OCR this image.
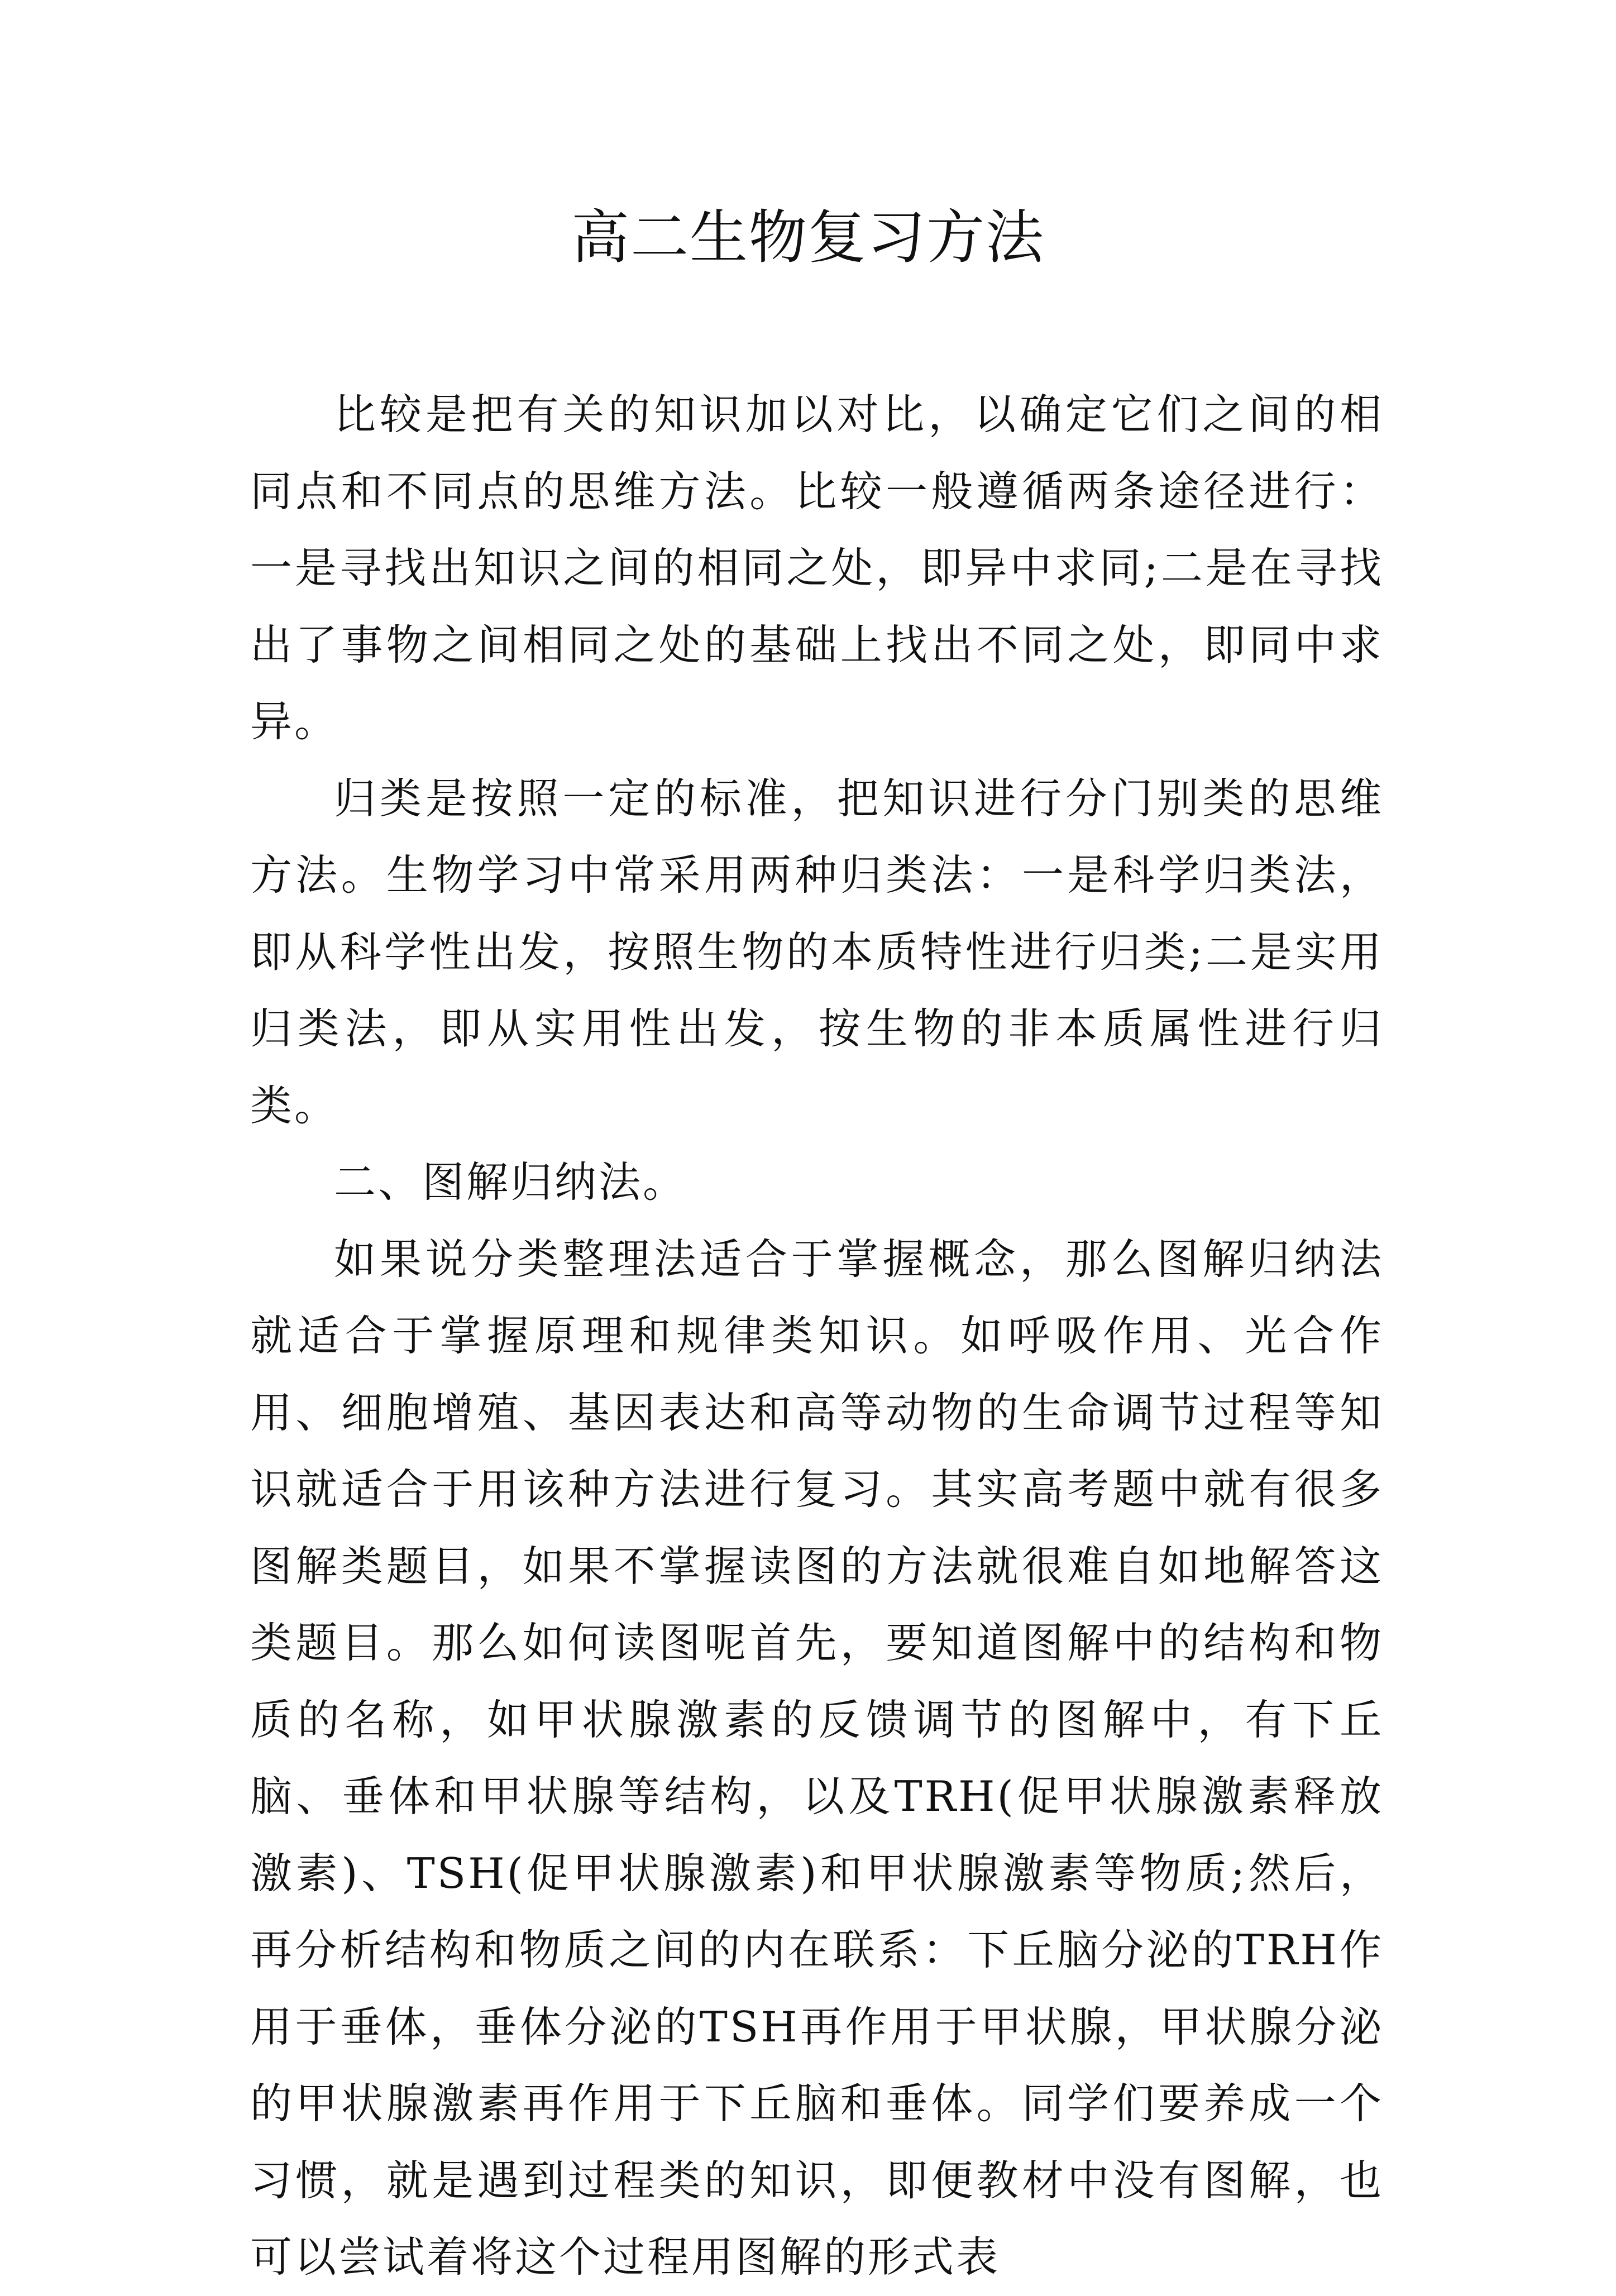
高二生物复习方法

比较是把有关的知识加以对比，以确定它们之间的相同点和不同点的思维方法。比较一般遵循两条途径进行：一是寻找出知识之间的相同之处，即异中求同;二是在寻找出了事物之间相同之处的基础上找出不同之处，即同中求异。

归类是按照一定的标准，把知识进行分门别类的思维方法。生物学习中常采用两种归类法：一是科学归类法，即从科学性出发，按照生物的本质特性进行归类;二是实用归类法，即从实用性出发，按生物的非本质属性进行归类。

二、图解归纳法。

如果说分类整理法适合于掌握概念，那么图解归纳法就适合于掌握原理和规律类知识。如呼吸作用、光合作用、细胞增殖、基因表达和高等动物的生命调节过程等知识就适合于用该种方法进行复习。其实高考题中就有很多图解类题目，如果不掌握读图的方法就很难自如地解答这类题目。那么如何读图呢首先，要知道图解中的结构和物质的名称，如甲状腺激素的反馈调节的图解中，有下丘脑、垂体和甲状腺等结构，以及TRH(促甲状腺激素释放激素)、TSH(促甲状腺激素)和甲状腺激素等物质;然后，再分析结构和物质之间的内在联系：下丘脑分泌的TRH作用于垂体，垂体分泌的TSH再作用于甲状腺，甲状腺分泌的甲状腺激素再作用于下丘脑和垂体。同学们要养成一个习惯，就是遇到过程类的知识，即便教材中没有图解，也可以尝试着将这个过程用图解的形式表
